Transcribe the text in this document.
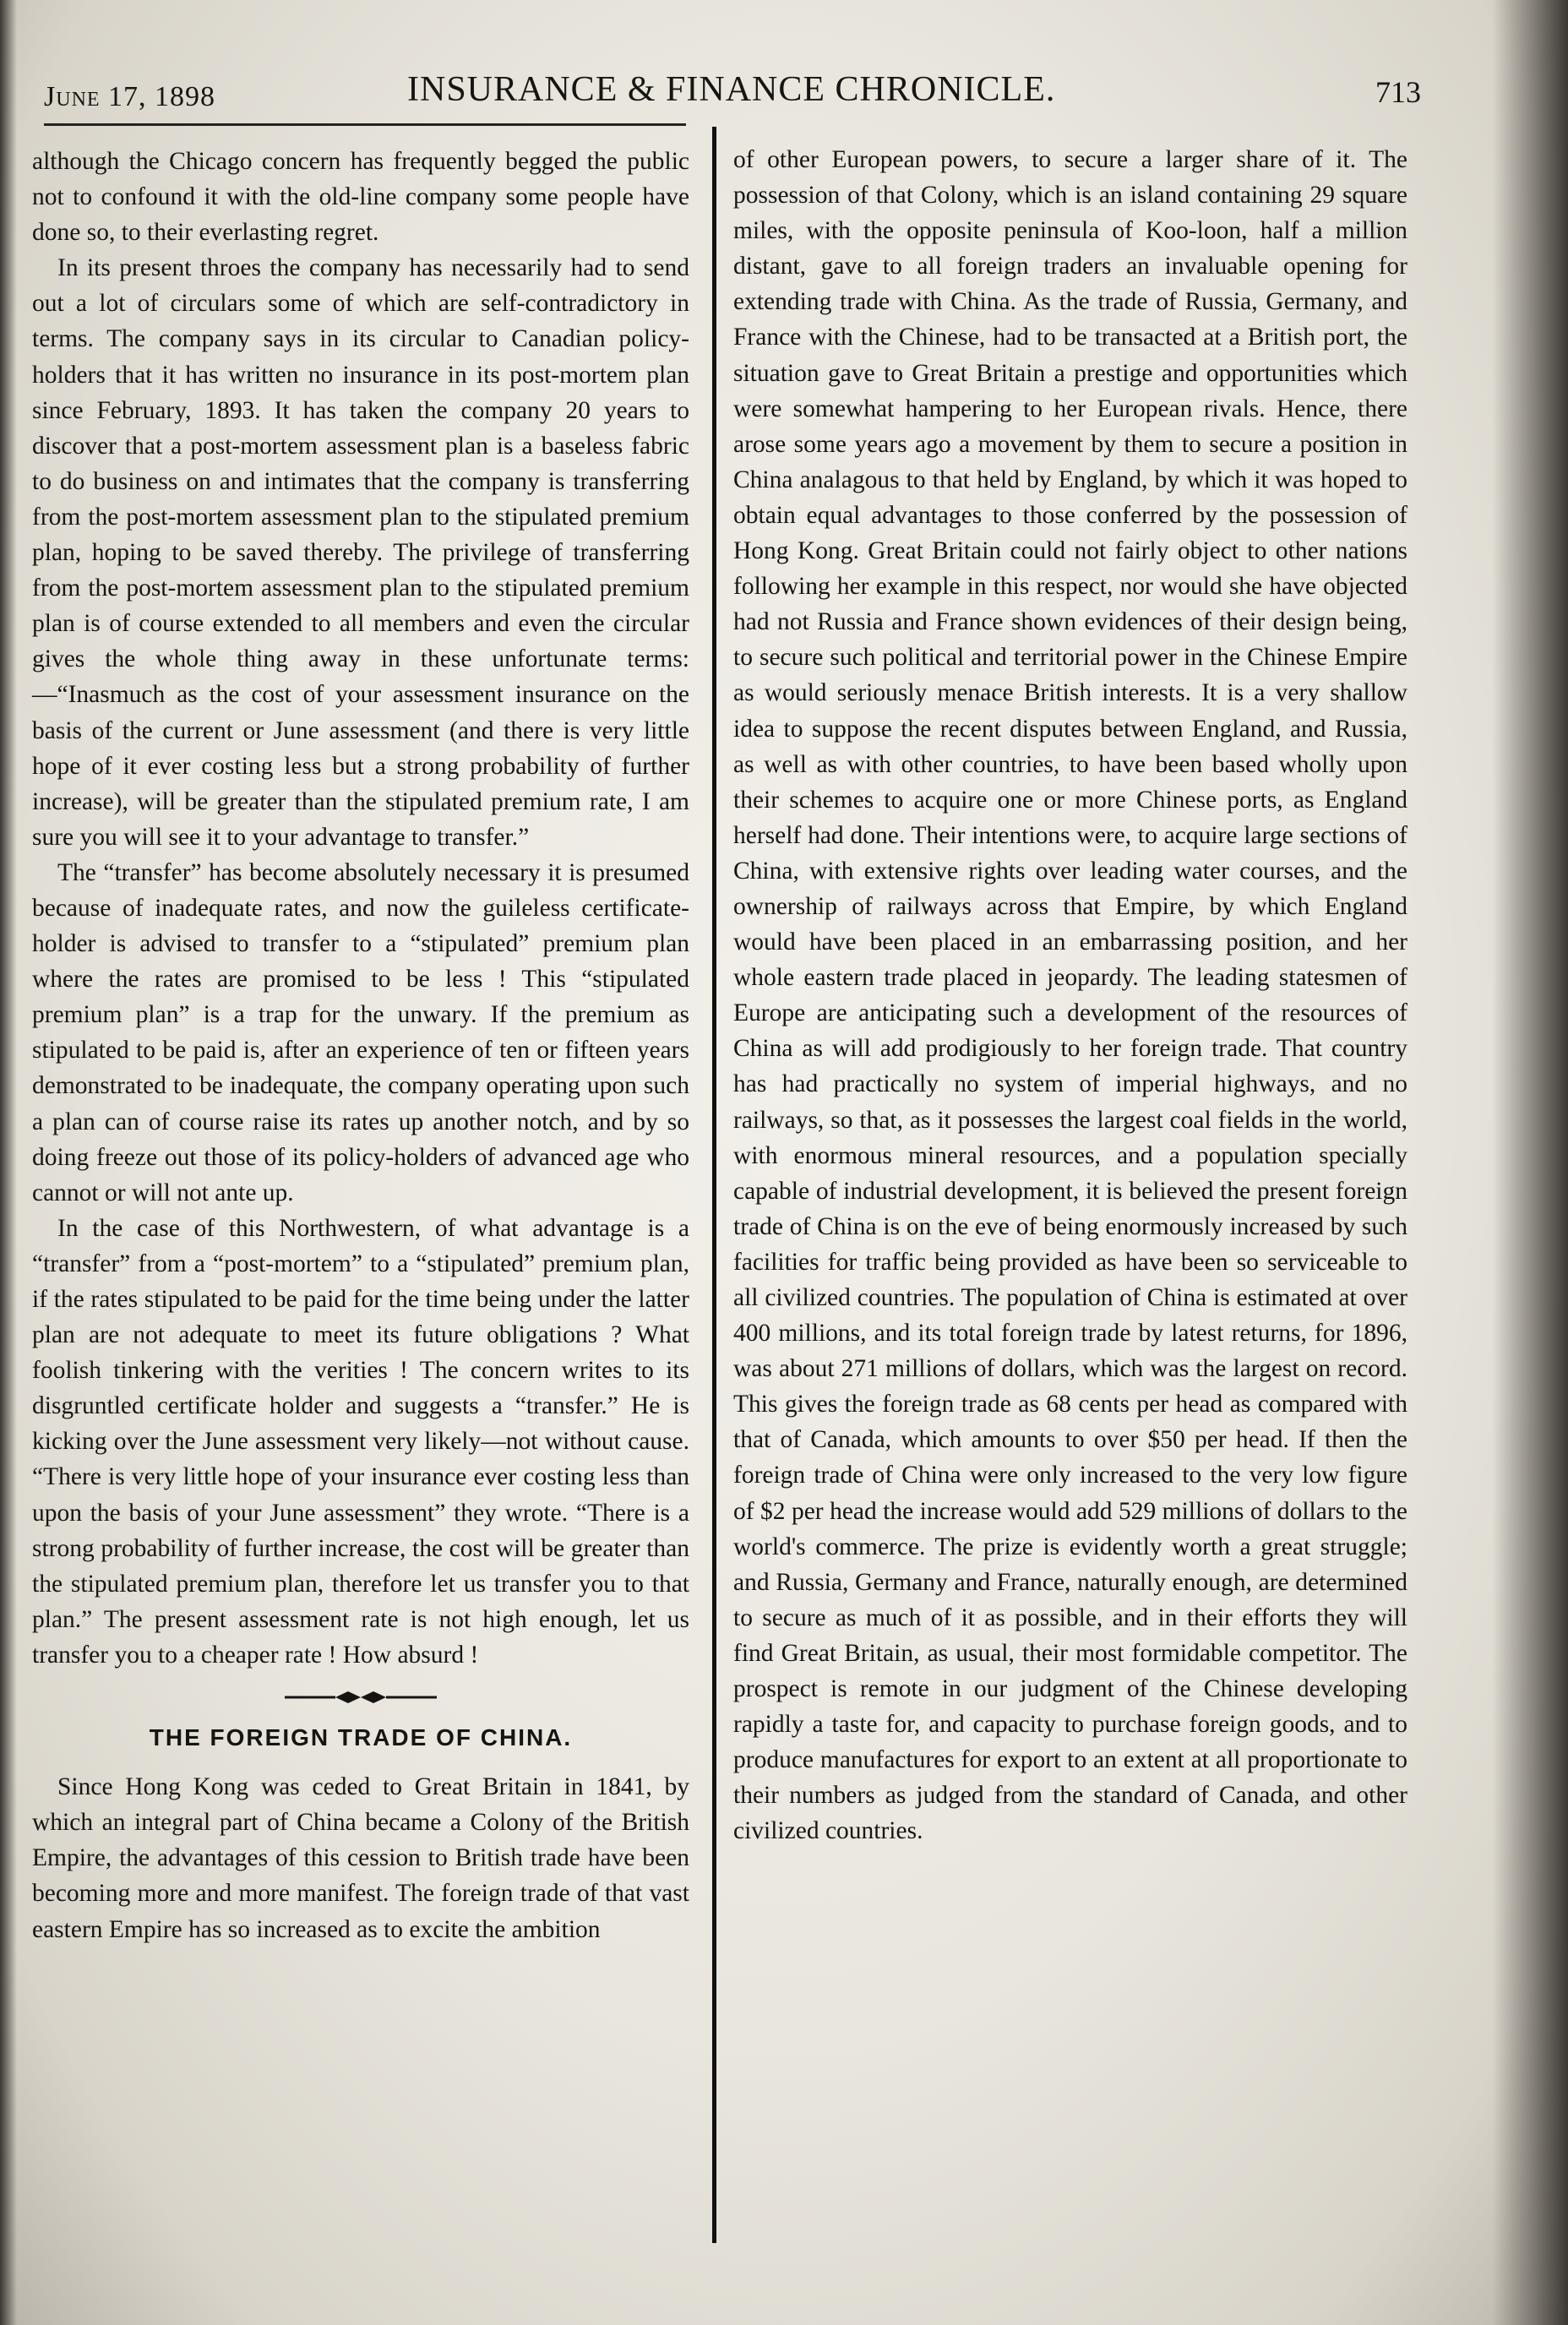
June 17, 1898	INSURANCE & FINANCE CHRONICLE.	713

although the Chicago concern has frequently begged the public not to confound it with the old-line company some people have done so, to their everlasting regret.

In its present throes the company has necessarily had to send out a lot of circulars some of which are self-contradictory in terms. The company says in its circular to Canadian policy-holders that it has written no insurance in its post-mortem plan since February, 1893. It has taken the company 20 years to discover that a post-mortem assessment plan is a baseless fabric to do business on and intimates that the company is transferring from the post-mortem assessment plan to the stipulated premium plan, hoping to be saved thereby. The privilege of transferring from the post-mortem assessment plan to the stipulated premium plan is of course extended to all members and even the circular gives the whole thing away in these unfortunate terms:—“Inasmuch as the cost of your assessment insurance on the basis of the current or June assessment (and there is very little hope of it ever costing less but a strong probability of further increase), will be greater than the stipulated premium rate, I am sure you will see it to your advantage to transfer.”

The “transfer” has become absolutely necessary it is presumed because of inadequate rates, and now the guileless certificate-holder is advised to transfer to a “stipulated” premium plan where the rates are promised to be less ! This “stipulated premium plan” is a trap for the unwary. If the premium as stipulated to be paid is, after an experience of ten or fifteen years demonstrated to be inadequate, the company operating upon such a plan can of course raise its rates up another notch, and by so doing freeze out those of its policy-holders of advanced age who cannot or will not ante up.

In the case of this Northwestern, of what advantage is a “transfer” from a “post-mortem” to a “stipulated” premium plan, if the rates stipulated to be paid for the time being under the latter plan are not adequate to meet its future obligations ? What foolish tinkering with the verities ! The concern writes to its disgruntled certificate holder and suggests a “transfer.” He is kicking over the June assessment very likely—not without cause. “There is very little hope of your insurance ever costing less than upon the basis of your June assessment” they wrote. “There is a strong probability of further increase, the cost will be greater than the stipulated premium plan, therefore let us transfer you to that plan.” The present assessment rate is not high enough, let us transfer you to a cheaper rate ! How absurd !

THE FOREIGN TRADE OF CHINA.

Since Hong Kong was ceded to Great Britain in 1841, by which an integral part of China became a Colony of the British Empire, the advantages of this cession to British trade have been becoming more and more manifest. The foreign trade of that vast eastern Empire has so increased as to excite the ambition

of other European powers, to secure a larger share of it. The possession of that Colony, which is an island containing 29 square miles, with the opposite peninsula of Koo-loon, half a million distant, gave to all foreign traders an invaluable opening for extending trade with China. As the trade of Russia, Germany, and France with the Chinese, had to be transacted at a British port, the situation gave to Great Britain a prestige and opportunities which were somewhat hampering to her European rivals. Hence, there arose some years ago a movement by them to secure a position in China analagous to that held by England, by which it was hoped to obtain equal advantages to those conferred by the possession of Hong Kong. Great Britain could not fairly object to other nations following her example in this respect, nor would she have objected had not Russia and France shown evidences of their design being, to secure such political and territorial power in the Chinese Empire as would seriously menace British interests. It is a very shallow idea to suppose the recent disputes between England, and Russia, as well as with other countries, to have been based wholly upon their schemes to acquire one or more Chinese ports, as England herself had done. Their intentions were, to acquire large sections of China, with extensive rights over leading water courses, and the ownership of railways across that Empire, by which England would have been placed in an embarrassing position, and her whole eastern trade placed in jeopardy. The leading statesmen of Europe are anticipating such a development of the resources of China as will add prodigiously to her foreign trade. That country has had practically no system of imperial highways, and no railways, so that, as it possesses the largest coal fields in the world, with enormous mineral resources, and a population specially capable of industrial development, it is believed the present foreign trade of China is on the eve of being enormously increased by such facilities for traffic being provided as have been so serviceable to all civilized countries. The population of China is estimated at over 400 millions, and its total foreign trade by latest returns, for 1896, was about 271 millions of dollars, which was the largest on record. This gives the foreign trade as 68 cents per head as compared with that of Canada, which amounts to over $50 per head. If then the foreign trade of China were only increased to the very low figure of $2 per head the increase would add 529 millions of dollars to the world's commerce. The prize is evidently worth a great struggle; and Russia, Germany and France, naturally enough, are determined to secure as much of it as possible, and in their efforts they will find Great Britain, as usual, their most formidable competitor. The prospect is remote in our judgment of the Chinese developing rapidly a taste for, and capacity to purchase foreign goods, and to produce manufactures for export to an extent at all proportionate to their numbers as judged from the standard of Canada, and other civilized countries.
